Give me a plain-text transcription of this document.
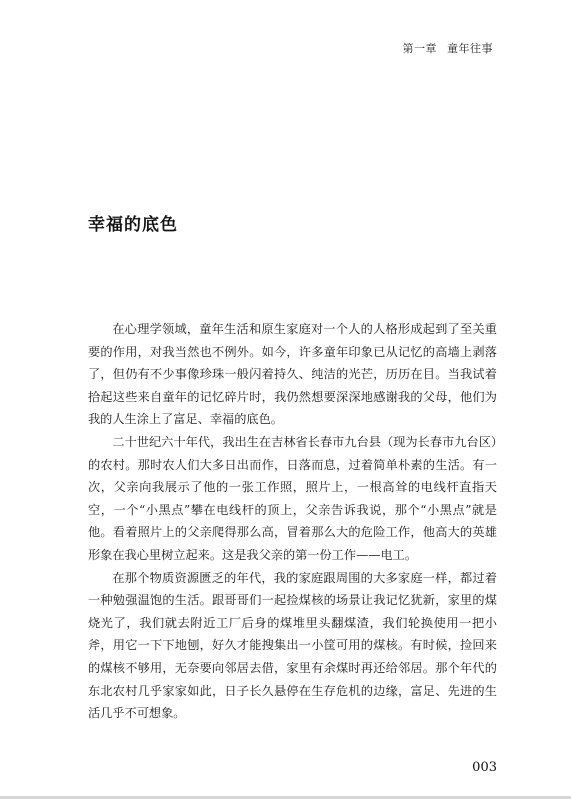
第一章 童年往事
幸福的底色

在心理学领域，童年生活和原生家庭对一个人的人格形成起到了至关重要的作用，对我当然也不例外。如今，许多童年印象已从记忆的高墙上剥落了，但仍有不少事像珍珠一般闪着持久、纯洁的光芒，历历在目。当我试着拾起这些来自童年的记忆碎片时，我仍然想要深深地感谢我的父母，他们为我的人生涂上了富足、幸福的底色。

二十世纪六十年代，我出生在吉林省长春市九台县（现为长春市九台区）的农村。那时农人们大多日出而作，日落而息，过着简单朴素的生活。有一次，父亲向我展示了他的一张工作照，照片上，一根高耸的电线杆直指天空，一个“小黑点”攀在电线杆的顶上，父亲告诉我说，那个“小黑点”就是他。看着照片上的父亲爬得那么高，冒着那么大的危险工作，他高大的英雄形象在我心里树立起来。这是我父亲的第一份工作——电工。

在那个物质资源匮乏的年代，我的家庭跟周围的大多家庭一样，都过着一种勉强温饱的生活。跟哥哥们一起捡煤核的场景让我记忆犹新，家里的煤烧光了，我们就去附近工厂后身的煤堆里头翻煤渣，我们轮换使用一把小斧，用它一下下地刨，好久才能搜集出一小筐可用的煤核。有时候，捡回来的煤核不够用，无奈要向邻居去借，家里有余煤时再还给邻居。那个年代的东北农村几乎家家如此，日子长久悬停在生存危机的边缘，富足、先进的生活几乎不可想象。

003
